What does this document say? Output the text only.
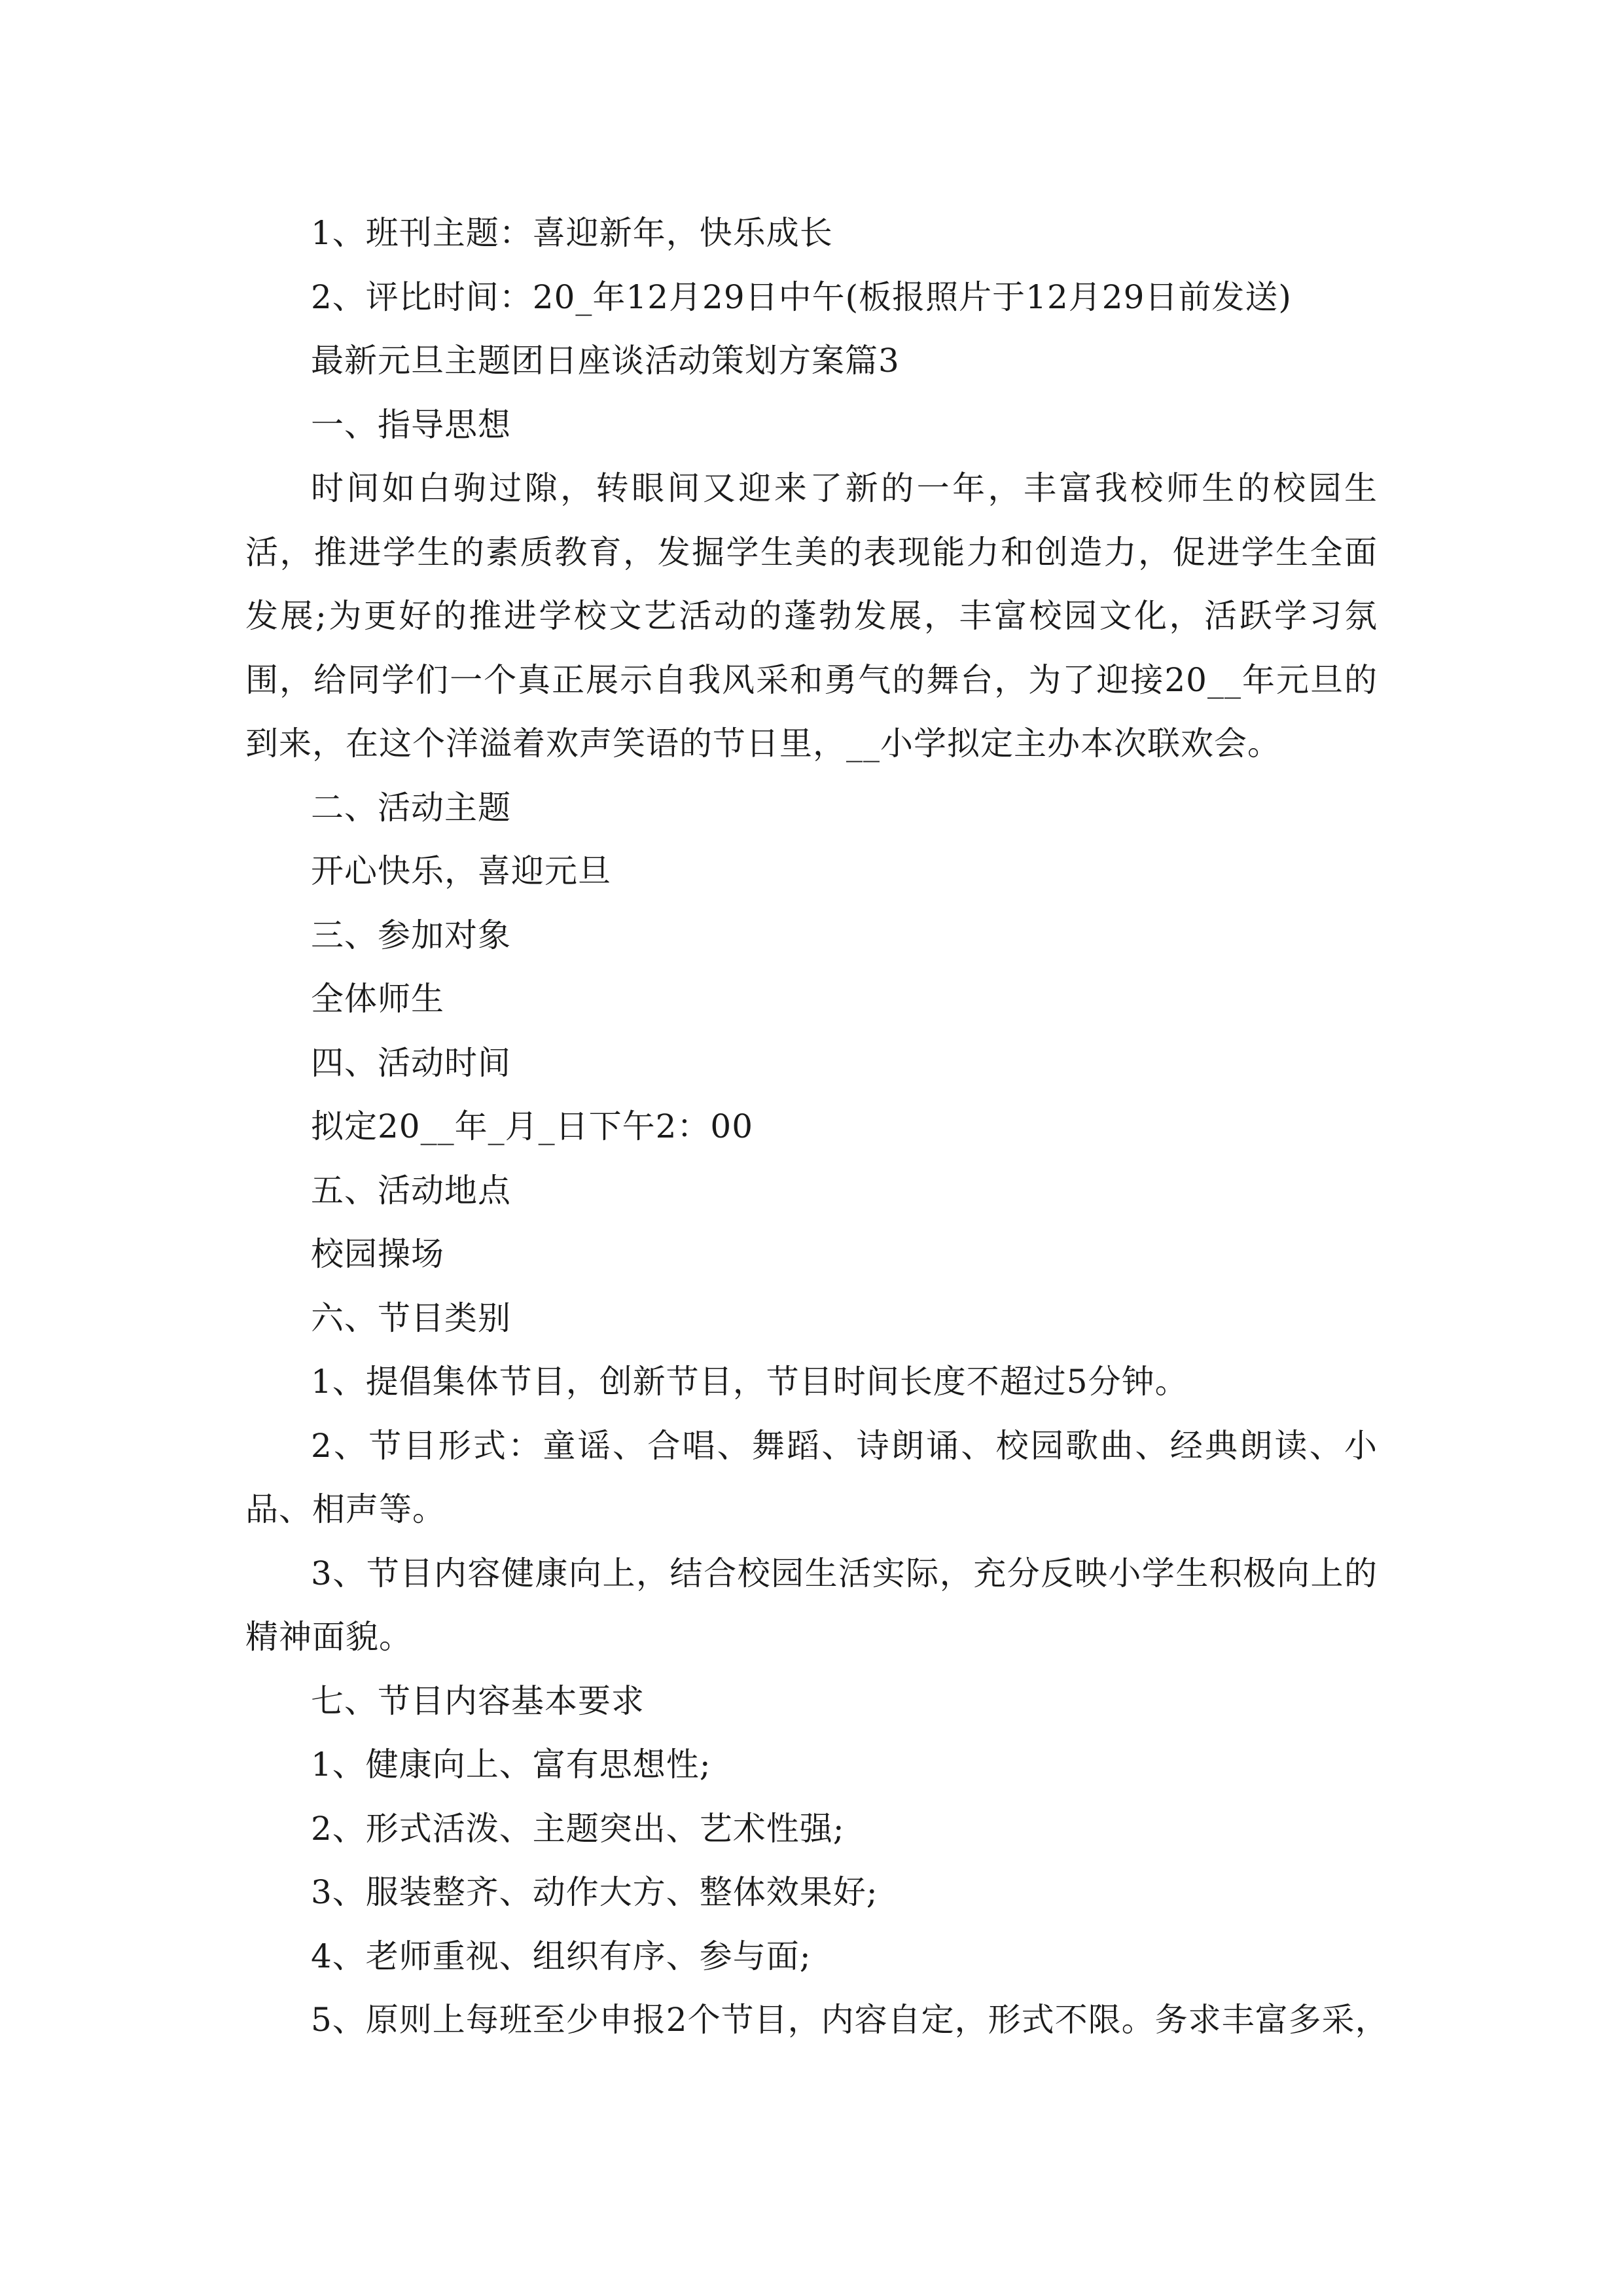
1、班刊主题：喜迎新年，快乐成长
2、评比时间：20_年12月29日中午(板报照片于12月29日前发送)
最新元旦主题团日座谈活动策划方案篇3
一、指导思想
时间如白驹过隙，转眼间又迎来了新的一年，丰富我校师生的校园生活，推进学生的素质教育，发掘学生美的表现能力和创造力，促进学生全面发展;为更好的推进学校文艺活动的蓬勃发展，丰富校园文化，活跃学习氛围，给同学们一个真正展示自我风采和勇气的舞台，为了迎接20__年元旦的到来，在这个洋溢着欢声笑语的节日里，__小学拟定主办本次联欢会。
二、活动主题
开心快乐，喜迎元旦
三、参加对象
全体师生
四、活动时间
拟定20__年_月_日下午2：00
五、活动地点
校园操场
六、节目类别
1、提倡集体节目，创新节目，节目时间长度不超过5分钟。
2、节目形式：童谣、合唱、舞蹈、诗朗诵、校园歌曲、经典朗读、小品、相声等。
3、节目内容健康向上，结合校园生活实际，充分反映小学生积极向上的精神面貌。
七、节目内容基本要求
1、健康向上、富有思想性;
2、形式活泼、主题突出、艺术性强;
3、服装整齐、动作大方、整体效果好;
4、老师重视、组织有序、参与面;
5、原则上每班至少申报2个节目，内容自定，形式不限。务求丰富多采，
